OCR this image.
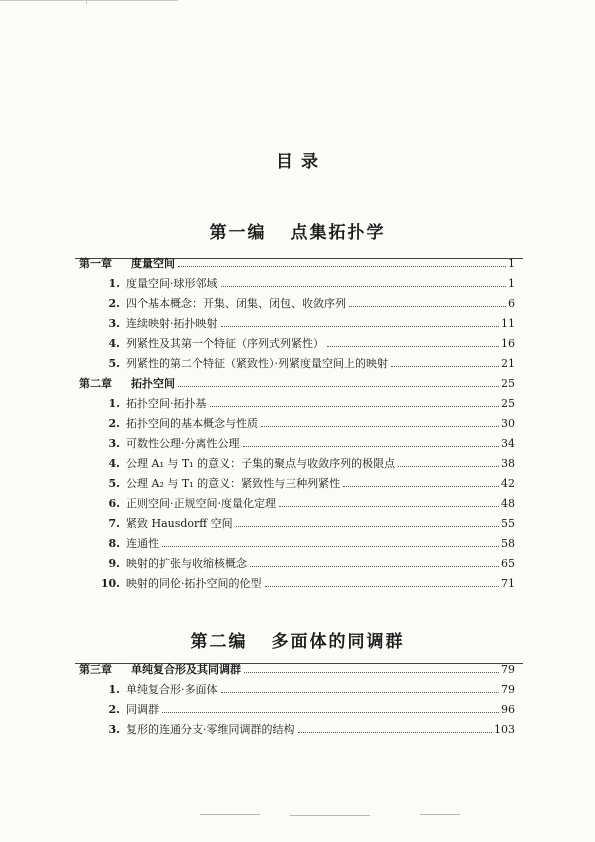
目 录
第一编 点集拓扑学
第二编 多面体的同调群
第一章	度量空间	1
1. 度量空间·球形邻域	1
2. 四个基本概念：开集、闭集、闭包、收敛序列	6
3. 连续映射·拓扑映射	11
4. 列紧性及其第一个特征（序列式列紧性）	16
5. 列紧性的第二个特征（紧致性）·列紧度量空间上的映射	21
第二章	拓扑空间	25
1. 拓扑空间·拓扑基	25
2. 拓扑空间的基本概念与性质	30
3. 可数性公理·分离性公理	34
4. 公理 A₁ 与 T₁ 的意义：子集的聚点与收敛序列的极限点	38
5. 公理 A₂ 与 T₁ 的意义：紧致性与三种列紧性	42
6. 正则空间·正规空间·度量化定理	48
7. 紧致 Hausdorff 空间	55
8. 连通性	58
9. 映射的扩张与收缩核概念	65
10. 映射的同伦·拓扑空间的伦型	71
第三章	单纯复合形及其同调群	79
1. 单纯复合形·多面体	79
2. 同调群	96
3. 复形的连通分支·零维同调群的结构	103
